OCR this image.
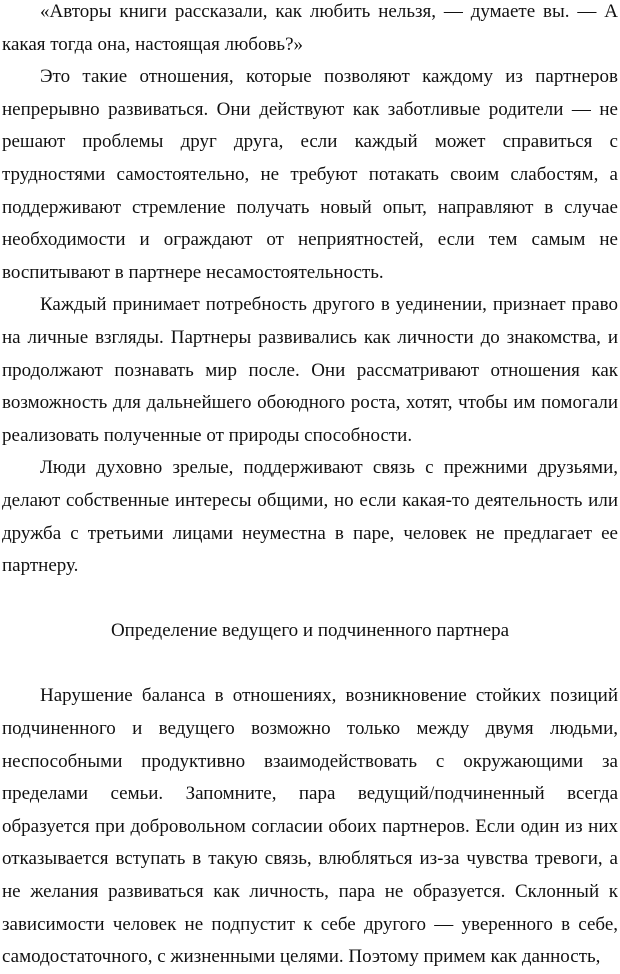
«Авторы книги рассказали, как любить нельзя, — думаете вы. — А какая тогда она, настоящая любовь?»

Это такие отношения, которые позволяют каждому из партнеров непрерывно развиваться. Они действуют как заботливые родители — не решают проблемы друг друга, если каждый может справиться с трудностями самостоятельно, не требуют потакать своим слабостям, а поддерживают стремление получать новый опыт, направляют в случае необходимости и ограждают от неприятностей, если тем самым не воспитывают в партнере несамостоятельность.

Каждый принимает потребность другого в уединении, признает право на личные взгляды. Партнеры развивались как личности до знакомства, и продолжают познавать мир после. Они рассматривают отношения как возможность для дальнейшего обоюдного роста, хотят, чтобы им помогали реализовать полученные от природы способности.

Люди духовно зрелые, поддерживают связь с прежними друзьями, делают собственные интересы общими, но если какая-то деятельность или дружба с третьими лицами неуместна в паре, человек не предлагает ее партнеру.

Определение ведущего и подчиненного партнера

Нарушение баланса в отношениях, возникновение стойких позиций подчиненного и ведущего возможно только между двумя людьми, неспособными продуктивно взаимодействовать с окружающими за пределами семьи. Запомните, пара ведущий/подчиненный всегда образуется при добровольном согласии обоих партнеров. Если один из них отказывается вступать в такую связь, влюбляться из-за чувства тревоги, а не желания развиваться как личность, пара не образуется. Склонный к зависимости человек не подпустит к себе другого — уверенного в себе, самодостаточного, с жизненными целями. Поэтому примем как данность,
